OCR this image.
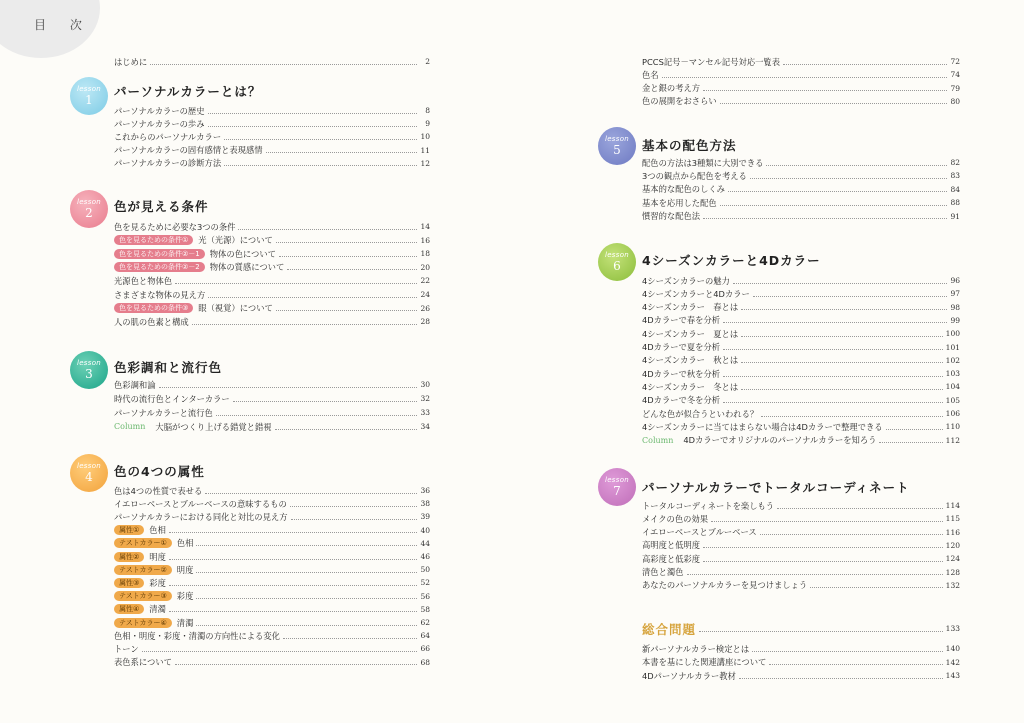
目 次
はじめに	2
lesson
1
パーソナルカラーとは？
パーソナルカラーの歴史	8
パーソナルカラーの歩み	9
これからのパーソナルカラー	10
パーソナルカラーの固有感情と表現感情	11
パーソナルカラーの診断方法	12
lesson
2	色が見える条件
色を見るために必要な3つの条件	14
色を見るための条件①	光（光源）について	16
色を見るための条件②－1	物体の色について	18
色を見るための条件②－2	物体の質感について	20
光源色と物体色	22
さまざまな物体の見え方	24
色を見るための条件③	眼（視覚）について	26
人の肌の色素と構成	28
lesson
3	色彩調和と流行色
色彩調和論	30
時代の流行色とインターカラー	32
パーソナルカラーと流行色	33
Column 大脳がつくり上げる錯覚と錯視	34
lesson
4	色の4つの属性
色は4つの性質で表せる	36
イエローベースとブルーベースの意味するもの	38
パーソナルカラーにおける同化と対比の見え方	39
属性①	色相	40
テストカラー①	色相	44
属性②	明度	46
テストカラー②	明度	50
属性③	彩度	52
テストカラー③	彩度	56
属性④	清濁	58
テストカラー④	清濁	62
色相・明度・彩度・清濁の方向性による変化	64
トーン	66
表色系について	68
PCCS記号－マンセル記号対応一覧表	72
色名	74
金と銀の考え方	79
色の展開をおさらい	80
lesson
5	基本の配色方法
配色の方法は3種類に大別できる	82
3つの観点から配色を考える	83
基本的な配色のしくみ	84
基本を応用した配色	88
慣習的な配色法	91
lesson
6	4シーズンカラーと4Dカラー
4シーズンカラーの魅力	96
4シーズンカラーと4Dカラー	97
4シーズンカラー　春とは	98
4Dカラーで春を分析	99
4シーズンカラー　夏とは	100
4Dカラーで夏を分析	101
4シーズンカラー　秋とは	102
4Dカラーで秋を分析	103
4シーズンカラー　冬とは	104
4Dカラーで冬を分析	105
どんな色が似合うといわれる？	106
4シーズンカラーに当てはまらない場合は4Dカラーで整理できる	110
Column 4Dカラーでオリジナルのパーソナルカラーを知ろう	112
lesson
7	パーソナルカラーでトータルコーディネート
トータルコーディネートを楽しもう	114
メイクの色の効果	115
イエローベースとブルーベース	116
高明度と低明度	120
高彩度と低彩度	124
清色と濁色	128
あなたのパーソナルカラーを見つけましょう	132
総合問題	133
新パーソナルカラー検定とは	140
本書を基にした関連講座について	142
4Dパーソナルカラー教材	143
